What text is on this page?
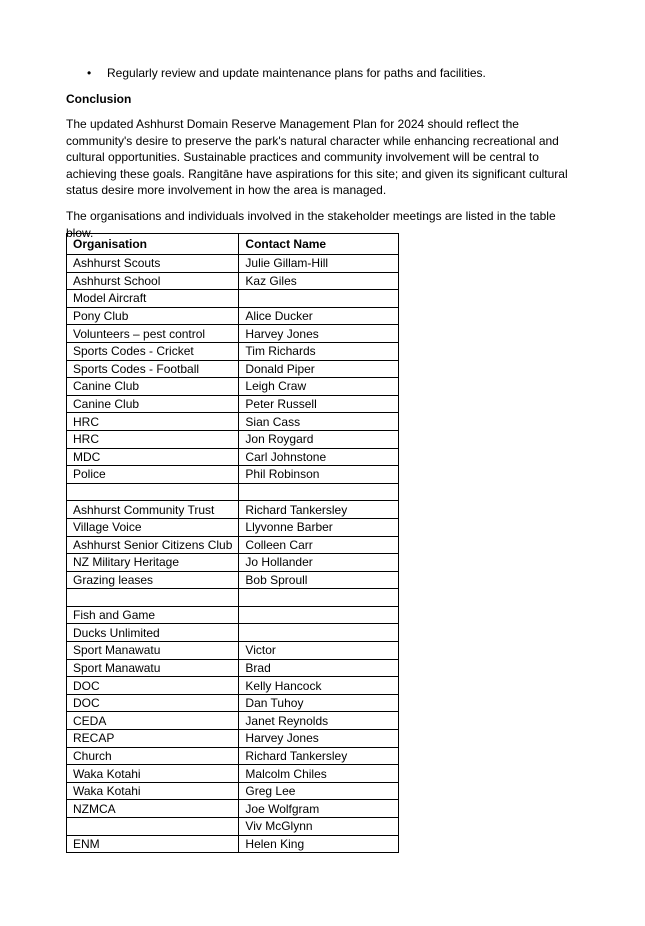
•	Regularly review and update maintenance plans for paths and facilities.
Conclusion

The updated Ashhurst Domain Reserve Management Plan for 2024 should reflect the community's desire to preserve the park's natural character while enhancing recreational and cultural opportunities. Sustainable practices and community involvement will be central to achieving these goals. Rangitāne have aspirations for this site; and given its significant cultural status desire more involvement in how the area is managed.

The organisations and individuals involved in the stakeholder meetings are listed in the table blow.

Organisation	Contact Name
Ashhurst Scouts	Julie Gillam-Hill
Ashhurst School	Kaz Giles
Model Aircraft	
Pony Club	Alice Ducker
Volunteers – pest control	Harvey Jones
Sports Codes - Cricket	Tim Richards
Sports Codes - Football	Donald Piper
Canine Club	Leigh Craw
Canine Club	Peter Russell
HRC	Sian Cass
HRC	Jon Roygard
MDC	Carl Johnstone
Police	Phil Robinson

Ashhurst Community Trust	Richard Tankersley
Village Voice	Llyvonne Barber
Ashhurst Senior Citizens Club	Colleen Carr
NZ Military Heritage	Jo Hollander
Grazing leases	Bob Sproull

Fish and Game	
Ducks Unlimited	
Sport Manawatu	Victor
Sport Manawatu	Brad
DOC	Kelly Hancock
DOC	Dan Tuhoy
CEDA	Janet Reynolds
RECAP	Harvey Jones
Church	Richard Tankersley
Waka Kotahi	Malcolm Chiles
Waka Kotahi	Greg Lee
NZMCA	Joe Wolfgram
	Viv McGlynn
ENM	Helen King
